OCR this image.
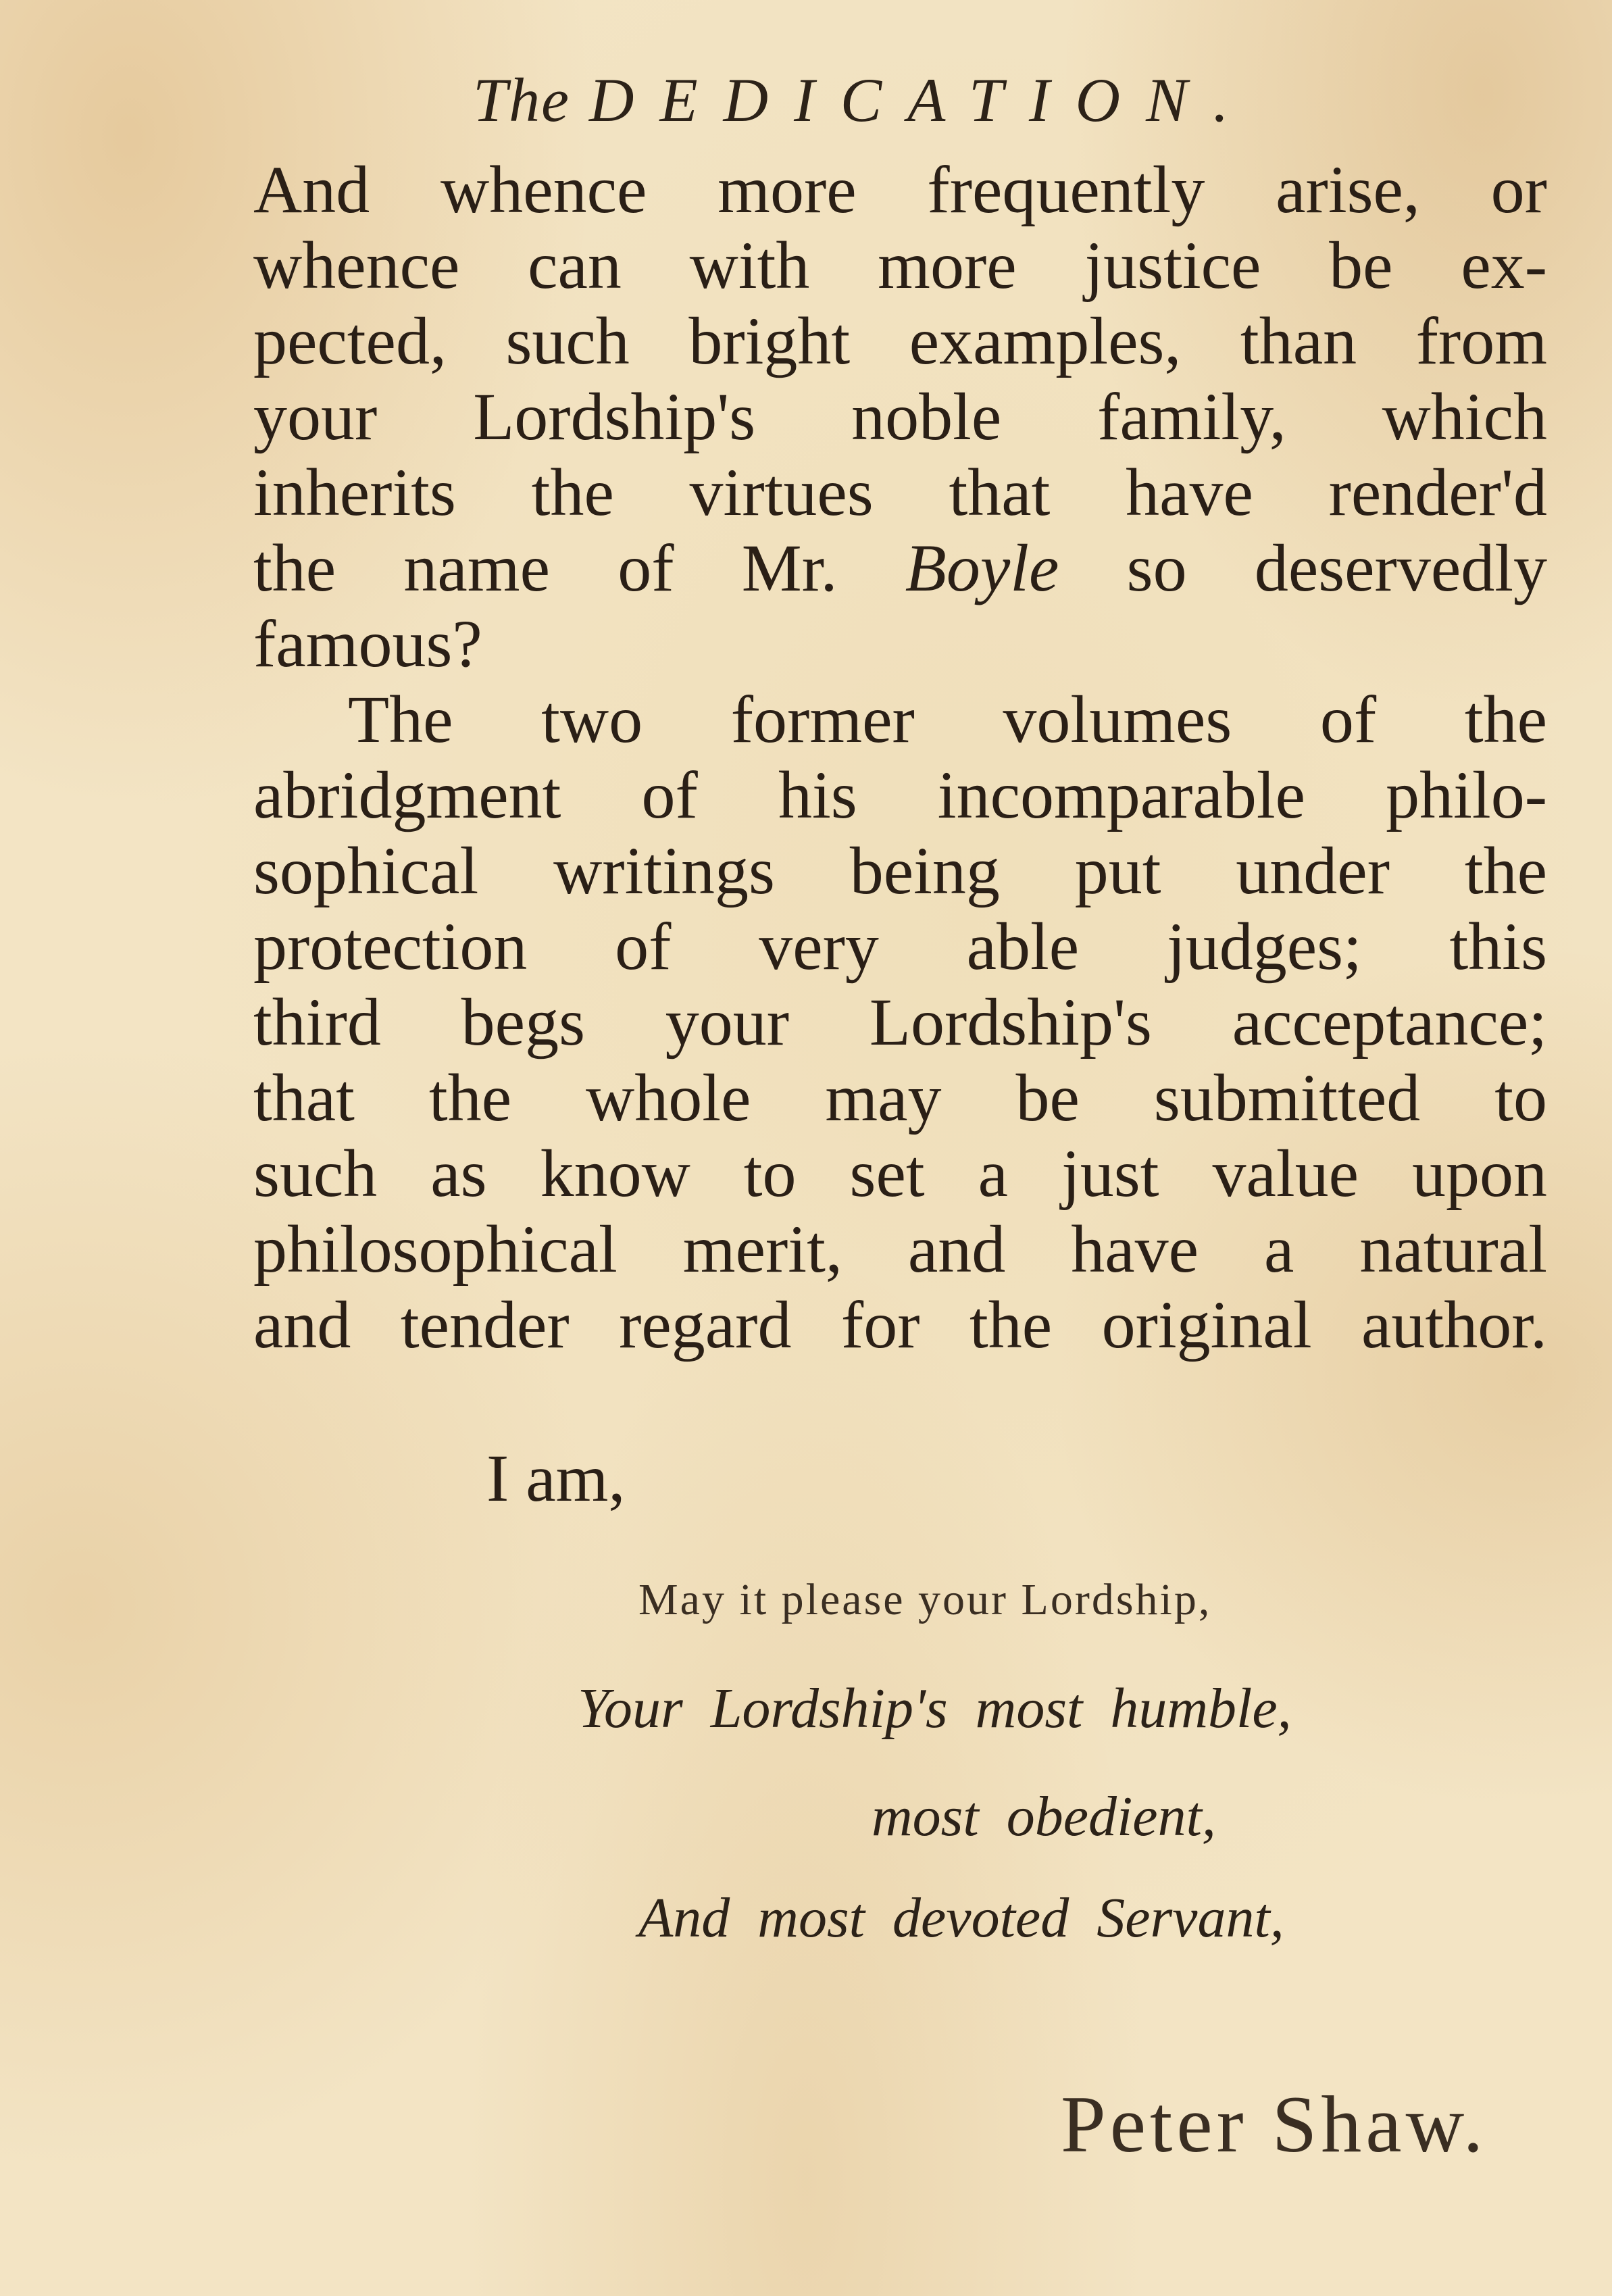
The DEDICATION.
And whence more frequently arise, or
whence can with more justice be ex-
pected, such bright examples, than from
your Lordship's noble family, which
inherits the virtues that have render'd
the name of Mr. Boyle so deservedly
famous?
The two former volumes of the
abridgment of his incomparable philo-
sophical writings being put under the
protection of very able judges; this
third begs your Lordship's acceptance;
that the whole may be submitted to
such as know to set a just value upon
philosophical merit, and have a natural
and tender regard for the original author.
I am,
May it please your Lordship,
Your Lordship's most humble,
most obedient,
And most devoted Servant,
Peter Shaw.
